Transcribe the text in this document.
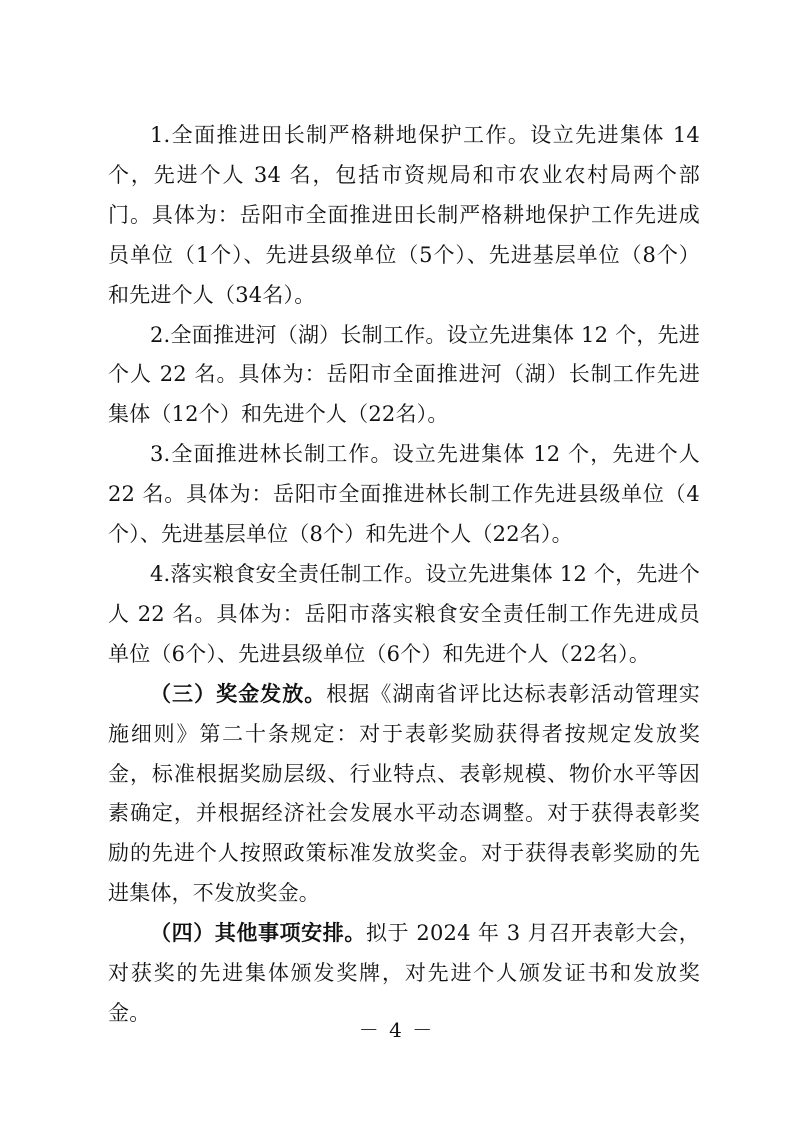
1.全面推进田长制严格耕地保护工作。设立先进集体 14 个，先进个人 34 名，包括市资规局和市农业农村局两个部门。具体为：岳阳市全面推进田长制严格耕地保护工作先进成员单位（1个）、先进县级单位（5个）、先进基层单位（8个）和先进个人（34名）。

2.全面推进河（湖）长制工作。设立先进集体 12 个，先进个人 22 名。具体为：岳阳市全面推进河（湖）长制工作先进集体（12个）和先进个人（22名）。

3.全面推进林长制工作。设立先进集体 12 个，先进个人 22 名。具体为：岳阳市全面推进林长制工作先进县级单位（4个）、先进基层单位（8个）和先进个人（22名）。

4.落实粮食安全责任制工作。设立先进集体 12 个，先进个人 22 名。具体为：岳阳市落实粮食安全责任制工作先进成员单位（6个）、先进县级单位（6个）和先进个人（22名）。

（三）奖金发放。根据《湖南省评比达标表彰活动管理实施细则》第二十条规定：对于表彰奖励获得者按规定发放奖金，标准根据奖励层级、行业特点、表彰规模、物价水平等因素确定，并根据经济社会发展水平动态调整。对于获得表彰奖励的先进个人按照政策标准发放奖金。对于获得表彰奖励的先进集体，不发放奖金。

（四）其他事项安排。拟于 2024 年 3 月召开表彰大会，对获奖的先进集体颁发奖牌，对先进个人颁发证书和发放奖金。

－ 4 －
